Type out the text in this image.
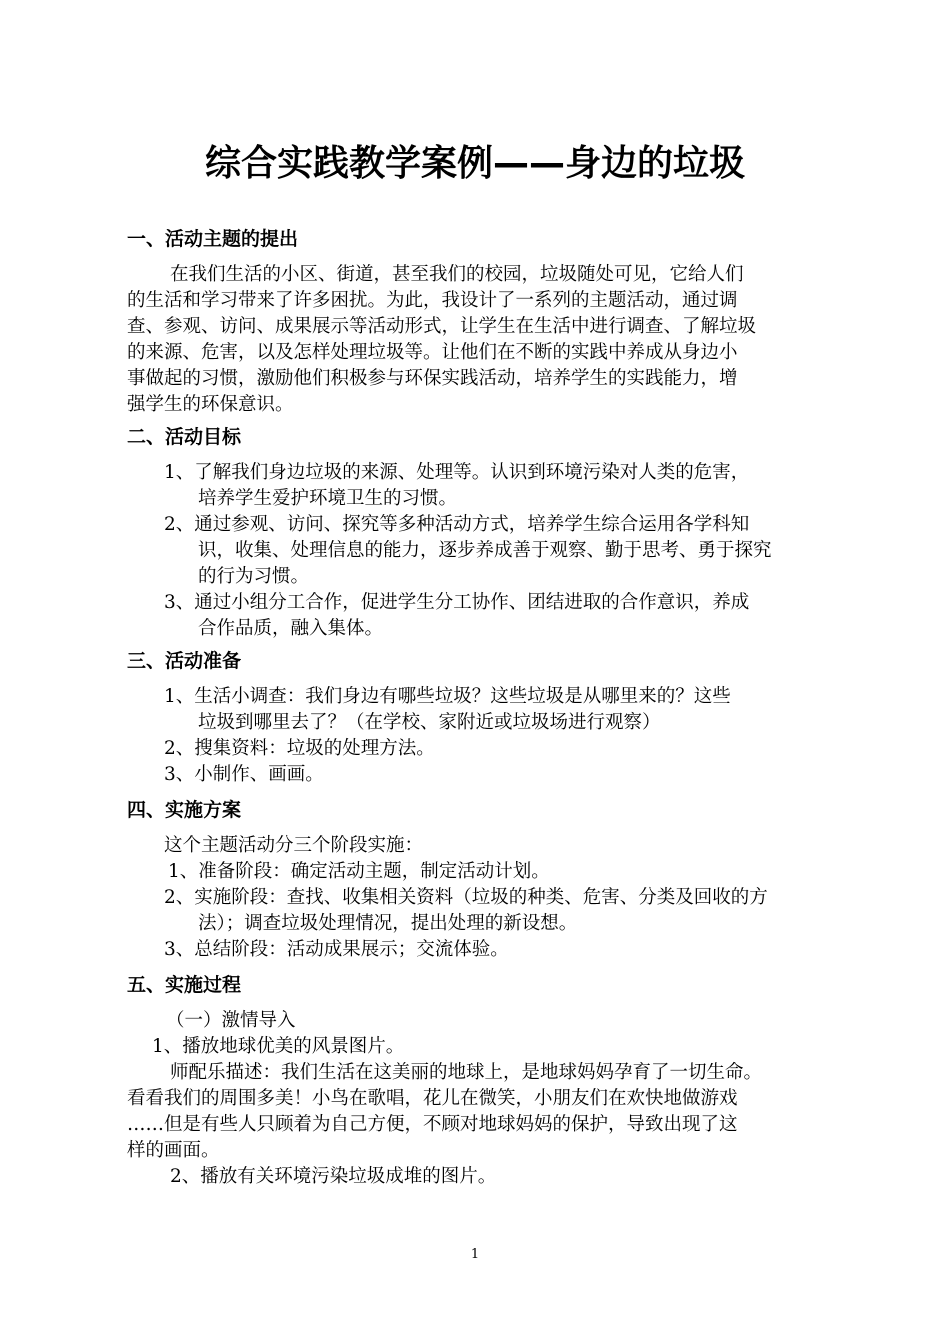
综合实践教学案例——身边的垃圾
一、活动主题的提出
在我们生活的小区、街道，甚至我们的校园，垃圾随处可见，它给人们
的生活和学习带来了许多困扰。为此，我设计了一系列的主题活动，通过调
查、参观、访问、成果展示等活动形式，让学生在生活中进行调查、了解垃圾
的来源、危害，以及怎样处理垃圾等。让他们在不断的实践中养成从身边小
事做起的习惯，激励他们积极参与环保实践活动，培养学生的实践能力，增
强学生的环保意识。
二、活动目标
1、了解我们身边垃圾的来源、处理等。认识到环境污染对人类的危害，
培养学生爱护环境卫生的习惯。
2、通过参观、访问、探究等多种活动方式，培养学生综合运用各学科知
识，收集、处理信息的能力，逐步养成善于观察、勤于思考、勇于探究
的行为习惯。
3、通过小组分工合作，促进学生分工协作、团结进取的合作意识，养成
合作品质，融入集体。
三、活动准备
1、生活小调查：我们身边有哪些垃圾？这些垃圾是从哪里来的？这些
垃圾到哪里去了？（在学校、家附近或垃圾场进行观察）
2、搜集资料：垃圾的处理方法。
3、小制作、画画。
四、实施方案
这个主题活动分三个阶段实施：
1、准备阶段：确定活动主题，制定活动计划。
2、实施阶段：查找、收集相关资料（垃圾的种类、危害、分类及回收的方
法）；调查垃圾处理情况，提出处理的新设想。
3、总结阶段：活动成果展示；交流体验。
五、实施过程
（一）激情导入
1、播放地球优美的风景图片。
师配乐描述：我们生活在这美丽的地球上，是地球妈妈孕育了一切生命。
看看我们的周围多美！小鸟在歌唱，花儿在微笑，小朋友们在欢快地做游戏
……但是有些人只顾着为自己方便，不顾对地球妈妈的保护，导致出现了这
样的画面。
2、播放有关环境污染垃圾成堆的图片。
1
